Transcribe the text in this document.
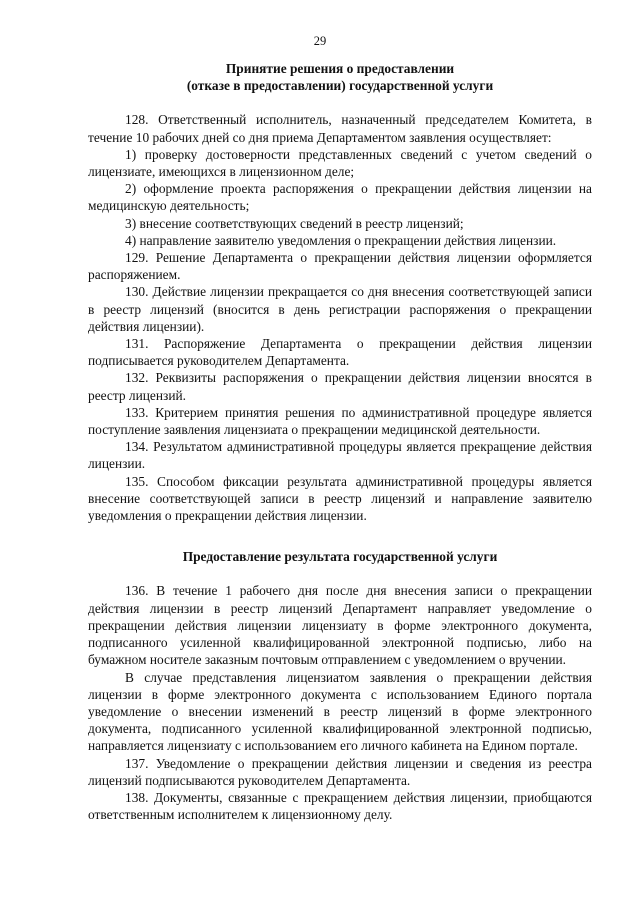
29
Принятие решения о предоставлении
(отказе в предоставлении) государственной услуги

128. Ответственный исполнитель, назначенный председателем Комитета, в течение 10 рабочих дней со дня приема Департаментом заявления осуществляет:

1) проверку достоверности представленных сведений с учетом сведений о лицензиате, имеющихся в лицензионном деле;

2) оформление проекта распоряжения о прекращении действия лицензии на медицинскую деятельность;

3) внесение соответствующих сведений в реестр лицензий;

4) направление заявителю уведомления о прекращении действия лицензии.

129. Решение Департамента о прекращении действия лицензии оформляется распоряжением.

130. Действие лицензии прекращается со дня внесения соответствующей записи в реестр лицензий (вносится в день регистрации распоряжения о прекращении действия лицензии).

131. Распоряжение Департамента о прекращении действия лицензии подписывается руководителем Департамента.

132. Реквизиты распоряжения о прекращении действия лицензии вносятся в реестр лицензий.

133. Критерием принятия решения по административной процедуре является поступление заявления лицензиата о прекращении медицинской деятельности.

134. Результатом административной процедуры является прекращение действия лицензии.

135. Способом фиксации результата административной процедуры является внесение соответствующей записи в реестр лицензий и направление заявителю уведомления о прекращении действия лицензии.

Предоставление результата государственной услуги

136. В течение 1 рабочего дня после дня внесения записи о прекращении действия лицензии в реестр лицензий Департамент направляет уведомление о прекращении действия лицензии лицензиату в форме электронного документа, подписанного усиленной квалифицированной электронной подписью, либо на бумажном носителе заказным почтовым отправлением с уведомлением о вручении.

В случае представления лицензиатом заявления о прекращении действия лицензии в форме электронного документа с использованием Единого портала уведомление о внесении изменений в реестр лицензий в форме электронного документа, подписанного усиленной квалифицированной электронной подписью, направляется лицензиату с использованием его личного кабинета на Едином портале.

137. Уведомление о прекращении действия лицензии и сведения из реестра лицензий подписываются руководителем Департамента.

138. Документы, связанные с прекращением действия лицензии, приобщаются ответственным исполнителем к лицензионному делу.
